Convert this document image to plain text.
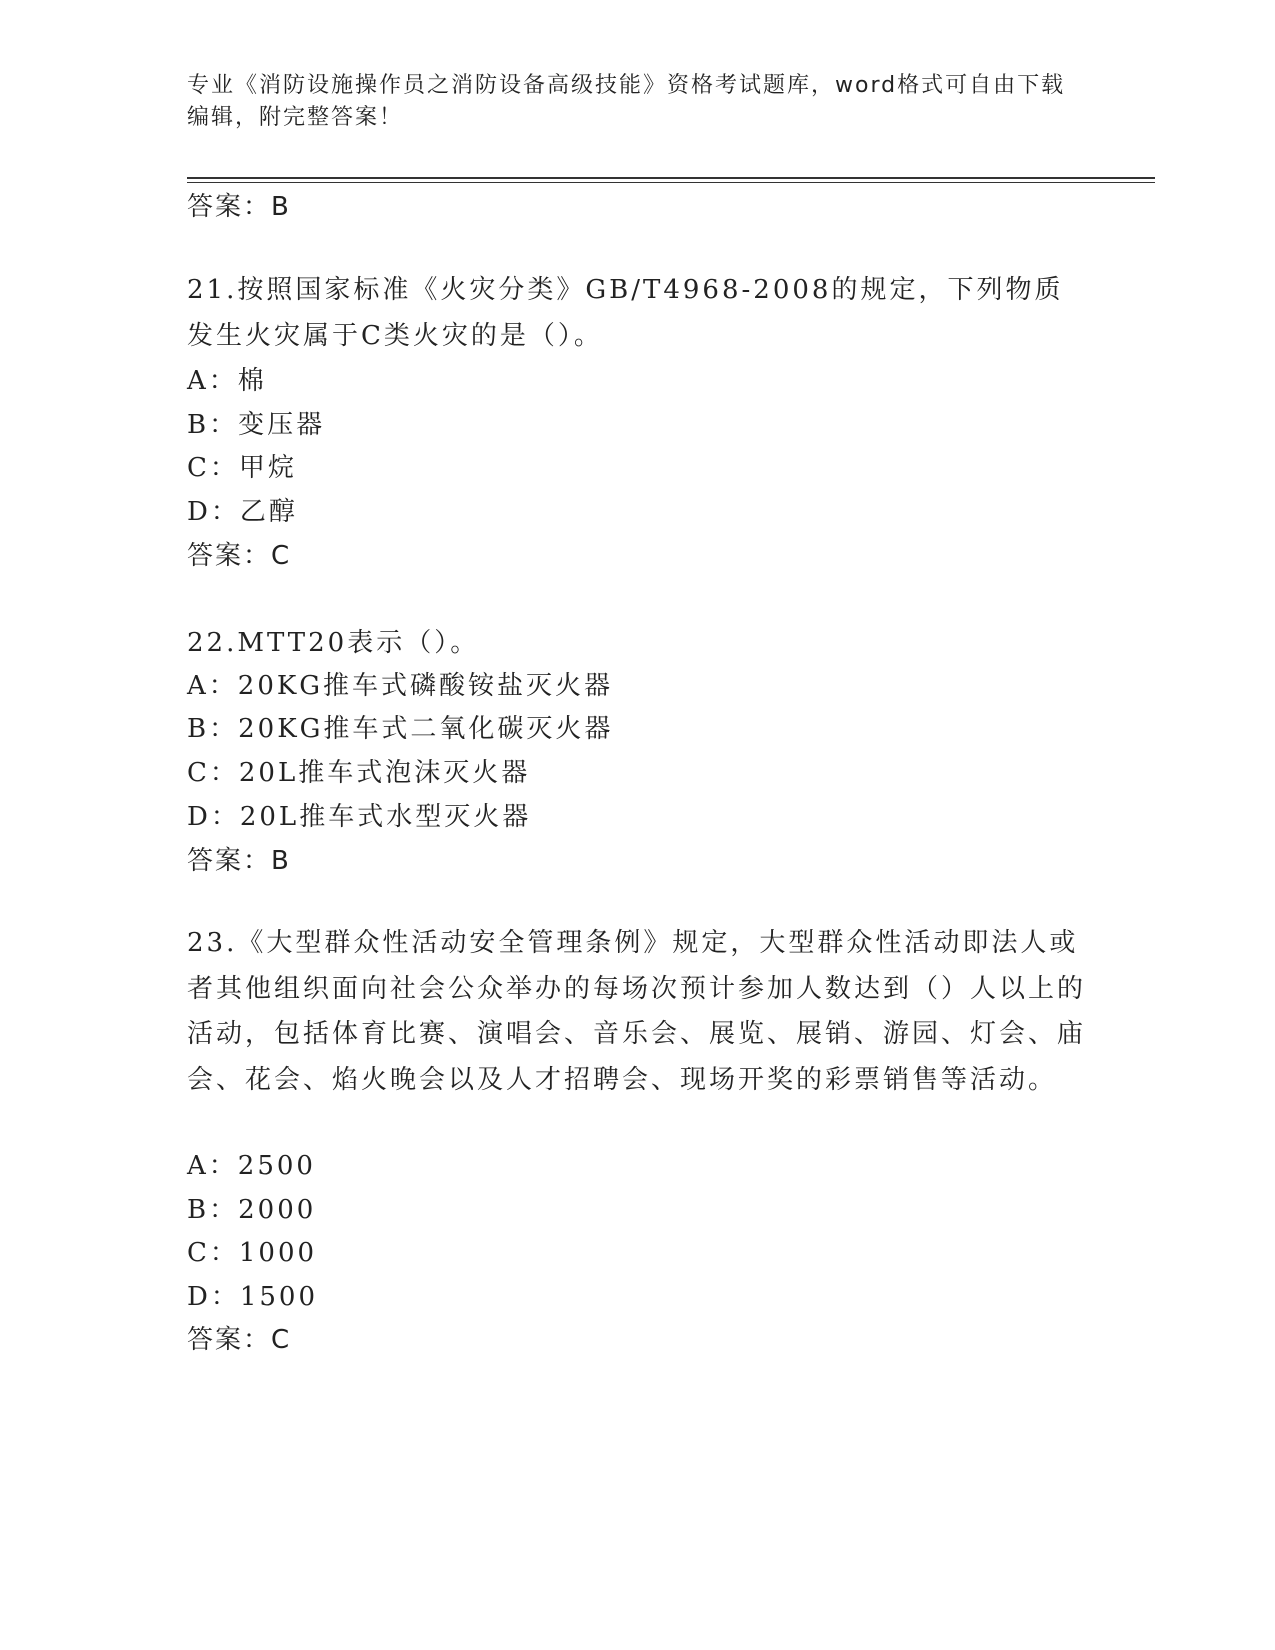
专业《消防设施操作员之消防设备高级技能》资格考试题库，word格式可自由下载编辑，附完整答案！
答案：B
21.按照国家标准《火灾分类》GB/T4968-2008的规定，下列物质发生火灾属于C类火灾的是（）。
A：棉
B：变压器
C：甲烷
D：乙醇
答案：C
22.MTT20表示（）。
A：20KG推车式磷酸铵盐灭火器
B：20KG推车式二氧化碳灭火器
C：20L推车式泡沫灭火器
D：20L推车式水型灭火器
答案：B
23.《大型群众性活动安全管理条例》规定，大型群众性活动即法人或者其他组织面向社会公众举办的每场次预计参加人数达到（）人以上的活动，包括体育比赛、演唱会、音乐会、展览、展销、游园、灯会、庙会、花会、焰火晚会以及人才招聘会、现场开奖的彩票销售等活动。
A：2500
B：2000
C：1000
D：1500
答案：C
